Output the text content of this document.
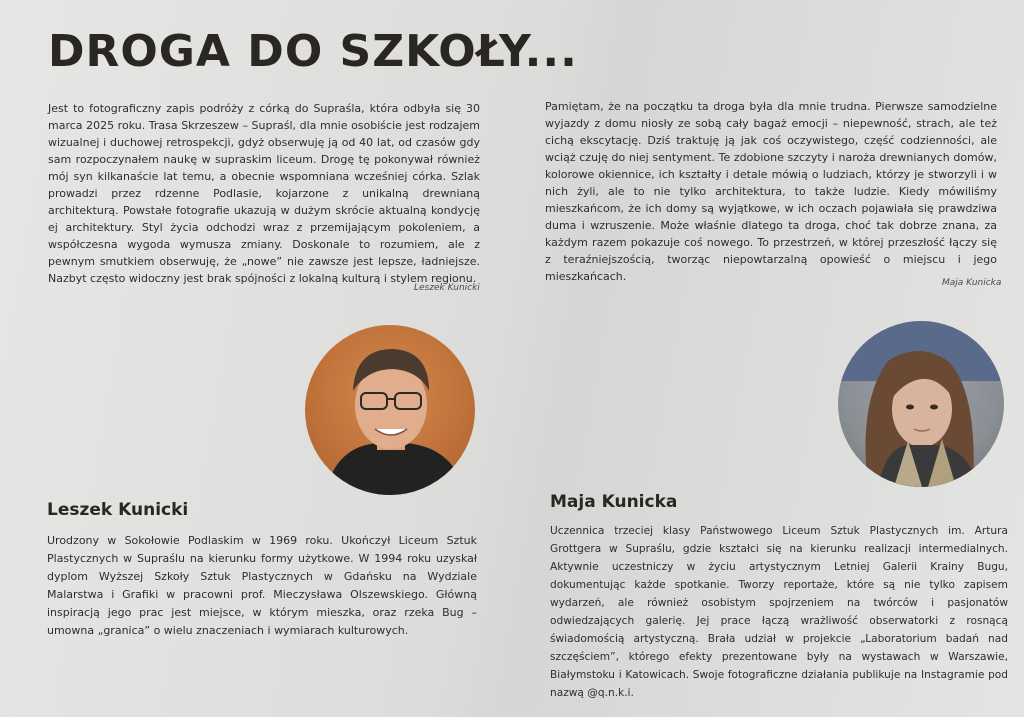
DROGA DO SZKOŁY...

Jest to fotograficzny zapis podróży z córką do Supraśla, która odbyła się 30 marca 2025 roku. Trasa Skrzeszew – Supraśl, dla mnie osobiście jest rodzajem wizualnej i duchowej retrospekcji, gdyż obserwuję ją od 40 lat, od czasów gdy sam rozpoczynałem naukę w supraskim liceum. Drogę tę pokonywał również mój syn kilkanaście lat temu, a obecnie wspomniana wcześniej córka. Szlak prowadzi przez rdzenne Podlasie, kojarzone z unikalną drewnianą architekturą. Powstałe fotografie ukazują w dużym skrócie aktualną kondycję ej architektury. Styl życia odchodzi wraz z przemijającym pokoleniem, a współczesna wygoda wymusza zmiany. Doskonale to rozumiem, ale z pewnym smutkiem obserwuję, że „nowe” nie zawsze jest lepsze, ładniejsze. Nazbyt często widoczny jest brak spójności z lokalną kulturą i stylem regionu.

Leszek Kunicki

Pamiętam, że na początku ta droga była dla mnie trudna. Pierwsze samodzielne wyjazdy z domu niosły ze sobą cały bagaż emocji – niepewność, strach, ale też cichą ekscytację. Dziś traktuję ją jak coś oczywistego, część codzienności, ale wciąż czuję do niej sentyment. Te zdobione szczyty i naroża drewnianych domów, kolorowe okiennice, ich kształty i detale mówią o ludziach, którzy je stworzyli i w nich żyli, ale to nie tylko architektura, to także ludzie. Kiedy mówiliśmy mieszkańcom, że ich domy są wyjątkowe, w ich oczach pojawiała się prawdziwa duma i wzruszenie. Może właśnie dlatego ta droga, choć tak dobrze znana, za każdym razem pokazuje coś nowego. To przestrzeń, w której przeszłość łączy się z teraźniejszością, tworząc niepowtarzalną opowieść o miejscu i jego mieszkańcach.	Maja Kunicka
Leszek Kunicki

Urodzony w Sokołowie Podlaskim w 1969 roku. Ukończył Liceum Sztuk Plastycznych w Supraślu na kierunku formy użytkowe. W 1994 roku uzyskał dyplom Wyższej Szkoły Sztuk Plastycznych w Gdańsku na Wydziale Malarstwa i Grafiki w pracowni prof. Mieczysława Olszewskiego. Główną inspiracją jego prac jest miejsce, w którym mieszka, oraz rzeka Bug – umowna „granica” o wielu znaczeniach i wymiarach kulturowych.

Maja Kunicka

Uczennica trzeciej klasy Państwowego Liceum Sztuk Plastycznych im. Artura Grottgera w Supraślu, gdzie kształci się na kierunku realizacji intermedialnych. Aktywnie uczestniczy w życiu artystycznym Letniej Galerii Krainy Bugu, dokumentując każde spotkanie. Tworzy reportaże, które są nie tylko zapisem wydarzeń, ale również osobistym spojrzeniem na twórców i pasjonatów odwiedzających galerię. Jej prace łączą wrażliwość obserwatorki z rosnącą świadomością artystyczną. Brała udział w projekcie „Laboratorium badań nad szczęściem”, którego efekty prezentowane były na wystawach w Warszawie, Białymstoku i Katowicach. Swoje fotograficzne działania publikuje na Instagramie pod nazwą @q.n.k.i.
